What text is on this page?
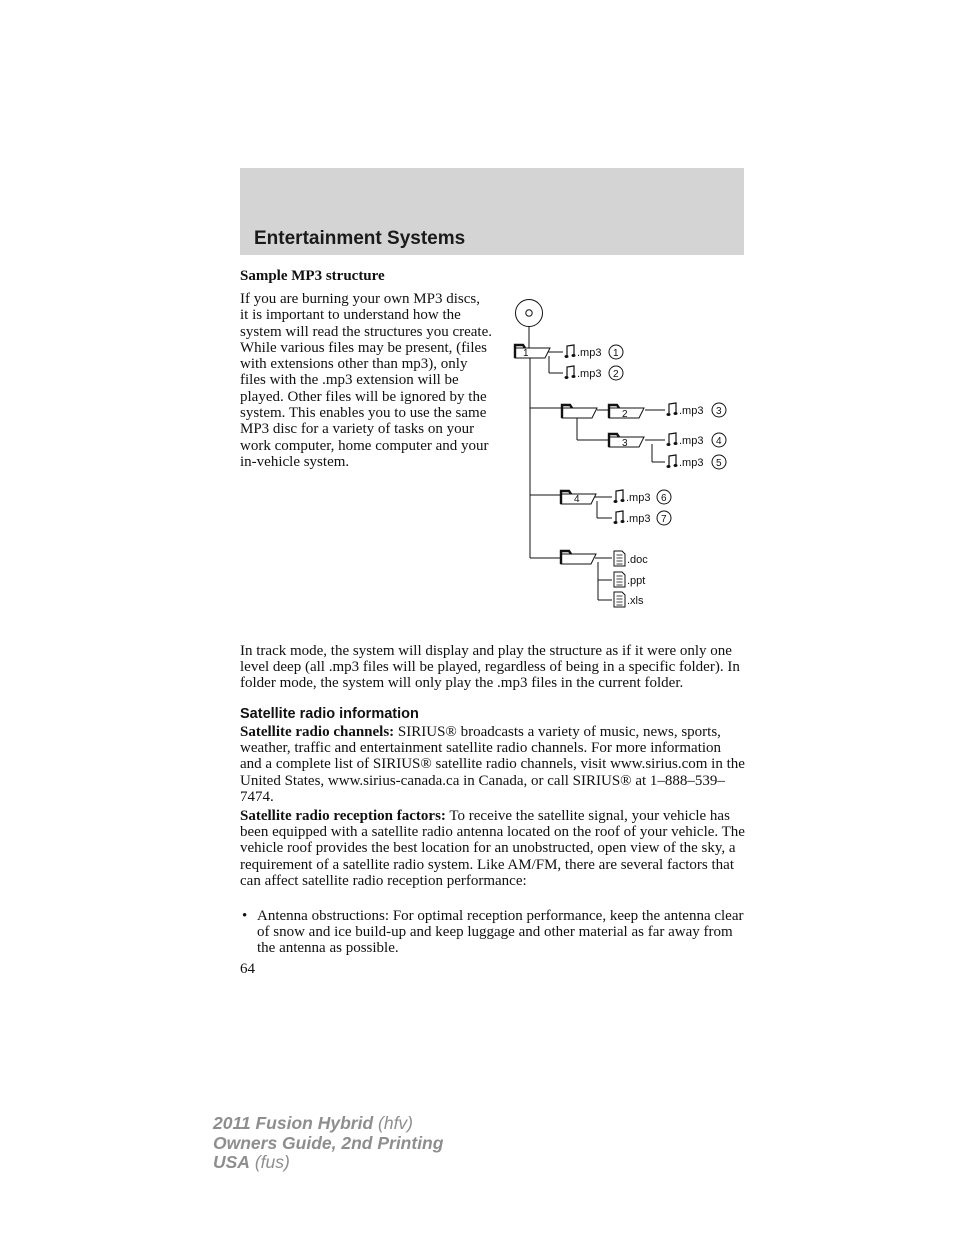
Entertainment Systems
Sample MP3 structure
If you are burning your own MP3 discs, it is important to understand how the system will read the structures you create. While various files may be present, (files with extensions other than mp3), only files with the .mp3 extension will be played. Other files will be ignored by the system. This enables you to use the same MP3 disc for a variety of tasks on your work computer, home computer and your in-vehicle system.
1
2
3
4
.mp3 1
.mp3 2
.mp3 3
.mp3 4
.mp3 5
.mp3 6
.mp3 7
.doc
.ppt
.xls
In track mode, the system will display and play the structure as if it were only one level deep (all .mp3 files will be played, regardless of being in a specific folder). In folder mode, the system will only play the .mp3 files in the current folder.
Satellite radio information
Satellite radio channels: SIRIUS® broadcasts a variety of music, news, sports, weather, traffic and entertainment satellite radio channels. For more information and a complete list of SIRIUS® satellite radio channels, visit www.sirius.com in the United States, www.sirius-canada.ca in Canada, or call SIRIUS® at 1–888–539–7474.
Satellite radio reception factors: To receive the satellite signal, your vehicle has been equipped with a satellite radio antenna located on the roof of your vehicle. The vehicle roof provides the best location for an unobstructed, open view of the sky, a requirement of a satellite radio system. Like AM/FM, there are several factors that can affect satellite radio reception performance:
• Antenna obstructions: For optimal reception performance, keep the antenna clear of snow and ice build-up and keep luggage and other material as far away from the antenna as possible.
64
2011 Fusion Hybrid (hfv)
Owners Guide, 2nd Printing
USA (fus)
